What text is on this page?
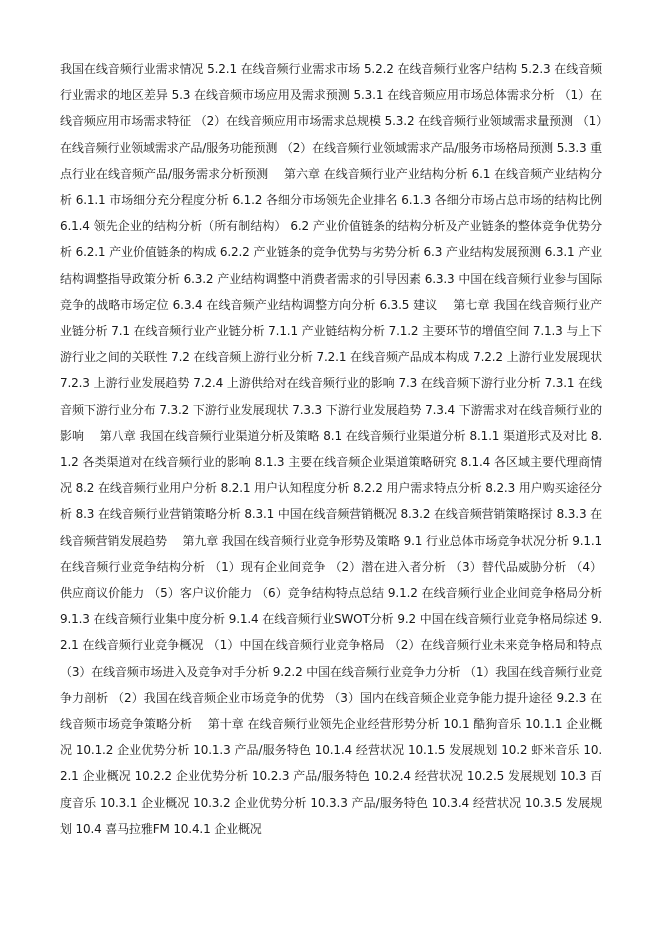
我国在线音频行业需求情况 5.2.1 在线音频行业需求市场 5.2.2 在线音频行业客户结构 5.2.3 在线音频行业需求的地区差异 5.3 在线音频市场应用及需求预测 5.3.1 在线音频应用市场总体需求分析 （1）在线音频应用市场需求特征 （2）在线音频应用市场需求总规模 5.3.2 在线音频行业领域需求量预测 （1）在线音频行业领域需求产品/服务功能预测 （2）在线音频行业领域需求产品/服务市场格局预测 5.3.3 重点行业在线音频产品/服务需求分析预测　 第六章 在线音频行业产业结构分析 6.1 在线音频产业结构分析 6.1.1 市场细分充分程度分析 6.1.2 各细分市场领先企业排名 6.1.3 各细分市场占总市场的结构比例 6.1.4 领先企业的结构分析（所有制结构） 6.2 产业价值链条的结构分析及产业链条的整体竞争优势分析 6.2.1 产业价值链条的构成 6.2.2 产业链条的竞争优势与劣势分析 6.3 产业结构发展预测 6.3.1 产业结构调整指导政策分析 6.3.2 产业结构调整中消费者需求的引导因素 6.3.3 中国在线音频行业参与国际竞争的战略市场定位 6.3.4 在线音频产业结构调整方向分析 6.3.5 建议　 第七章 我国在线音频行业产业链分析 7.1 在线音频行业产业链分析 7.1.1 产业链结构分析 7.1.2 主要环节的增值空间 7.1.3 与上下游行业之间的关联性 7.2 在线音频上游行业分析 7.2.1 在线音频产品成本构成 7.2.2 上游行业发展现状 7.2.3 上游行业发展趋势 7.2.4 上游供给对在线音频行业的影响 7.3 在线音频下游行业分析 7.3.1 在线音频下游行业分布 7.3.2 下游行业发展现状 7.3.3 下游行业发展趋势 7.3.4 下游需求对在线音频行业的影响　 第八章 我国在线音频行业渠道分析及策略 8.1 在线音频行业渠道分析 8.1.1 渠道形式及对比 8.1.2 各类渠道对在线音频行业的影响 8.1.3 主要在线音频企业渠道策略研究 8.1.4 各区域主要代理商情况 8.2 在线音频行业用户分析 8.2.1 用户认知程度分析 8.2.2 用户需求特点分析 8.2.3 用户购买途径分析 8.3 在线音频行业营销策略分析 8.3.1 中国在线音频营销概况 8.3.2 在线音频营销策略探讨 8.3.3 在线音频营销发展趋势　 第九章 我国在线音频行业竞争形势及策略 9.1 行业总体市场竞争状况分析 9.1.1 在线音频行业竞争结构分析 （1）现有企业间竞争 （2）潜在进入者分析 （3）替代品威胁分析 （4）供应商议价能力 （5）客户议价能力 （6）竞争结构特点总结 9.1.2 在线音频行业企业间竞争格局分析 9.1.3 在线音频行业集中度分析 9.1.4 在线音频行业SWOT分析 9.2 中国在线音频行业竞争格局综述 9.2.1 在线音频行业竞争概况 （1）中国在线音频行业竞争格局 （2）在线音频行业未来竞争格局和特点 （3）在线音频市场进入及竞争对手分析 9.2.2 中国在线音频行业竞争力分析 （1）我国在线音频行业竞争力剖析 （2）我国在线音频企业市场竞争的优势 （3）国内在线音频企业竞争能力提升途径 9.2.3 在线音频市场竞争策略分析　 第十章 在线音频行业领先企业经营形势分析 10.1 酷狗音乐 10.1.1 企业概况 10.1.2 企业优势分析 10.1.3 产品/服务特色 10.1.4 经营状况 10.1.5 发展规划 10.2 虾米音乐 10.2.1 企业概况 10.2.2 企业优势分析 10.2.3 产品/服务特色 10.2.4 经营状况 10.2.5 发展规划 10.3 百度音乐 10.3.1 企业概况 10.3.2 企业优势分析 10.3.3 产品/服务特色 10.3.4 经营状况 10.3.5 发展规划 10.4 喜马拉雅FM 10.4.1 企业概况
